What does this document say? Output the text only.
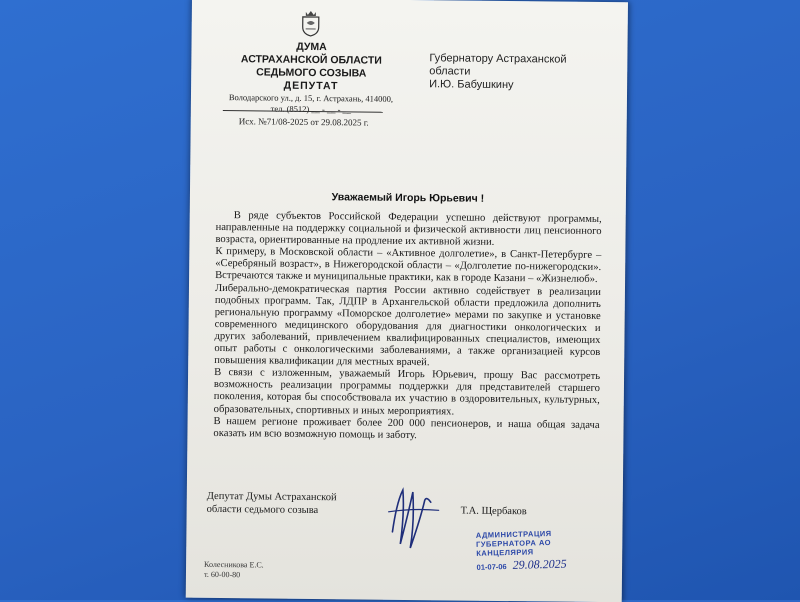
ДУМА
АСТРАХАНСКОЙ ОБЛАСТИ
СЕДЬМОГО СОЗЫВА
ДЕПУТАТ
Володарского ул., д. 15, г. Астрахань, 414000,
тел. (8512) __ - __ - __
Исх. №71/08-2025 от 29.08.2025 г.
Губернатору Астраханской
области
И.Ю. Бабушкину
Уважаемый Игорь Юрьевич !

В ряде субъектов Российской Федерации успешно действуют программы, направленные на поддержку социальной и физической активности лиц пенсионного возраста, ориентированные на продление их активной жизни.

К примеру, в Московской области – «Активное долголетие», в Санкт-Петербурге – «Серебряный возраст», в Нижегородской области – «Долголетие по-нижегородски». Встречаются также и муниципальные практики, как в городе Казани – «Жизнелюб».

Либерально-демократическая партия России активно содействует в реализации подобных программ. Так, ЛДПР в Архангельской области предложила дополнить региональную программу «Поморское долголетие» мерами по закупке и установке современного медицинского оборудования для диагностики онкологических и других заболеваний, привлечением квалифицированных специалистов, имеющих опыт работы с онкологическими заболеваниями, а также организацией курсов повышения квалификации для местных врачей.

В связи с изложенным, уважаемый Игорь Юрьевич, прошу Вас рассмотреть возможность реализации программы поддержки для представителей старшего поколения, которая бы способствовала их участию в оздоровительных, культурных, образовательных, спортивных и иных мероприятиях.

В нашем регионе проживает более 200 000 пенсионеров, и наша общая задача оказать им всю возможную помощь и заботу.

Депутат Думы Астраханской
области седьмого созыва	Т.А. Щербаков
АДМИНИСТРАЦИЯ
ГУБЕРНАТОРА АО
КАНЦЕЛЯРИЯ
01-07-06 29.08.2025
Колесникова Е.С.
т. 60-00-80
